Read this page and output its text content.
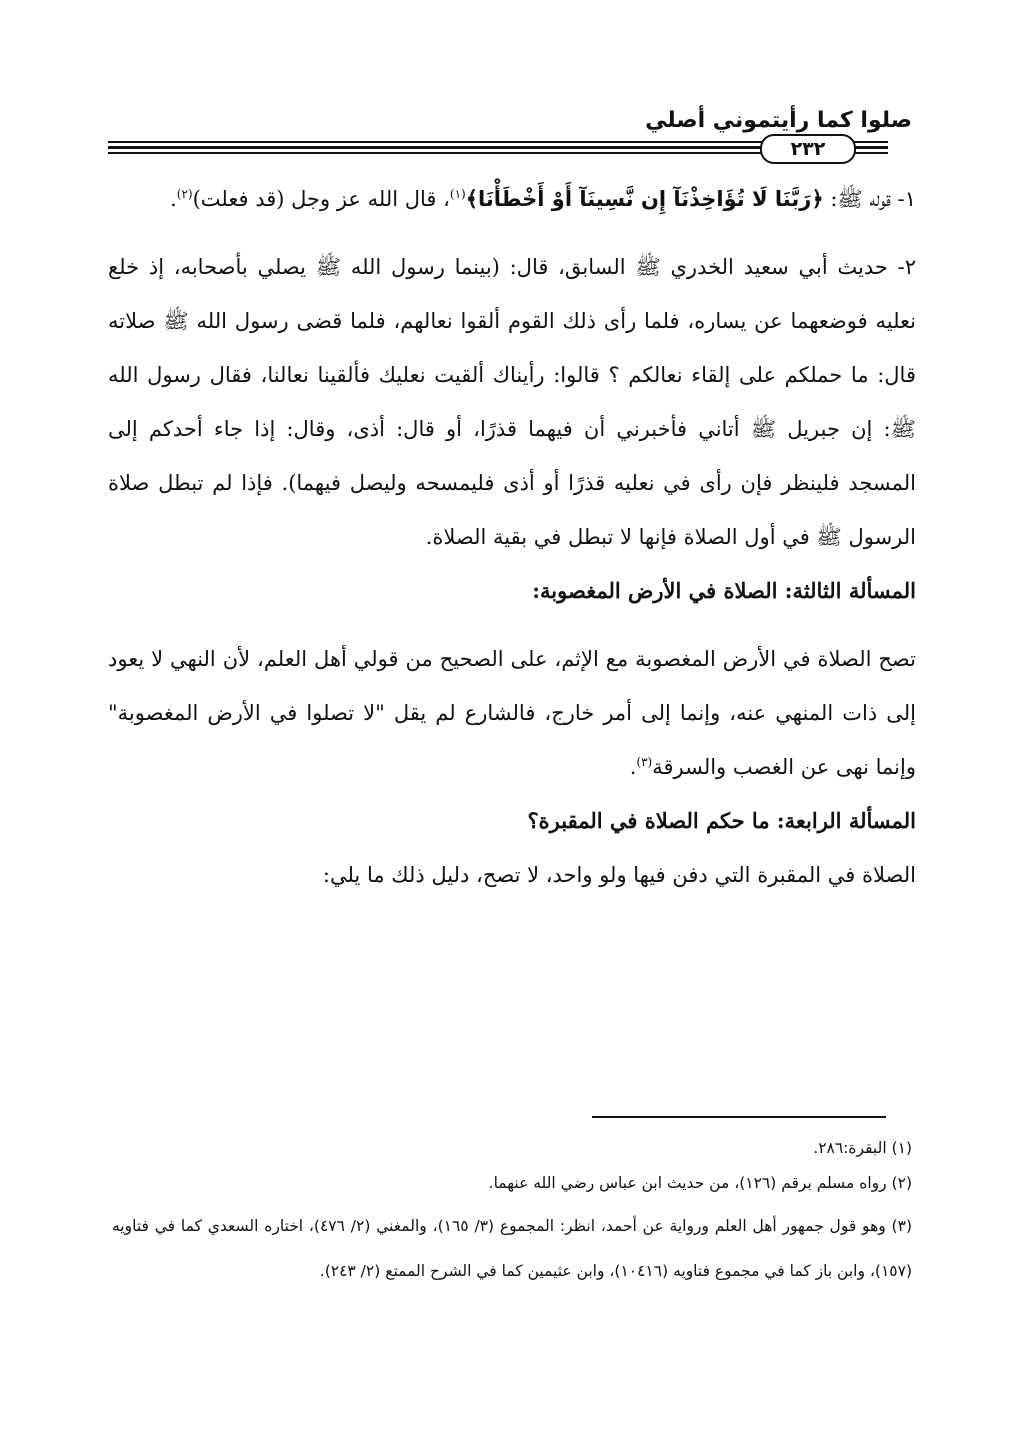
صلوا كما رأيتموني أصلي
٢٣٢

١- قوله ﷺ: ﴿رَبَّنَا لَا تُؤَاخِذْنَآ إِن نَّسِينَآ أَوْ أَخْطَأْنَا﴾$^{(١)}$، قال الله عز وجل (قد فعلت)$^{(٢)}$.

٢- حديث أبي سعيد الخدري ﷺ السابق، قال: (بينما رسول الله ﷺ يصلي بأصحابه، إذ خلع نعليه فوضعهما عن يساره، فلما رأى ذلك القوم ألقوا نعالهم، فلما قضى رسول الله ﷺ صلاته قال: ما حملكم على إلقاء نعالكم ؟ قالوا: رأيناك ألقيت نعليك فألقينا نعالنا، فقال رسول الله ﷺ: إن جبريل ﷺ أتاني فأخبرني أن فيهما قذرًا، أو قال: أذى، وقال: إذا جاء أحدكم إلى المسجد فلينظر فإن رأى في نعليه قذرًا أو أذى فليمسحه وليصل فيهما). فإذا لم تبطل صلاة الرسول ﷺ في أول الصلاة فإنها لا تبطل في بقية الصلاة.

المسألة الثالثة: الصلاة في الأرض المغصوبة:

تصح الصلاة في الأرض المغصوبة مع الإثم، على الصحيح من قولي أهل العلم، لأن النهي لا يعود إلى ذات المنهي عنه، وإنما إلى أمر خارج، فالشارع لم يقل "لا تصلوا في الأرض المغصوبة" وإنما نهى عن الغصب والسرقة$^{(٣)}$.

المسألة الرابعة: ما حكم الصلاة في المقبرة؟

الصلاة في المقبرة التي دفن فيها ولو واحد، لا تصح، دليل ذلك ما يلي:

(١) البقرة:٢٨٦.

(٢) رواه مسلم برقم (١٢٦)، من حديث ابن عباس رضي الله عنهما.

(٣) وهو قول جمهور أهل العلم ورواية عن أحمد، انظر: المجموع (٣/ ١٦٥)، والمغني (٢/ ٤٧٦)، اختاره السعدي كما في فتاويه (١٥٧)، وابن باز كما في مجموع فتاويه (١٠٤١٦)، وابن عثيمين كما في الشرح الممتع (٢/ ٢٤٣).
